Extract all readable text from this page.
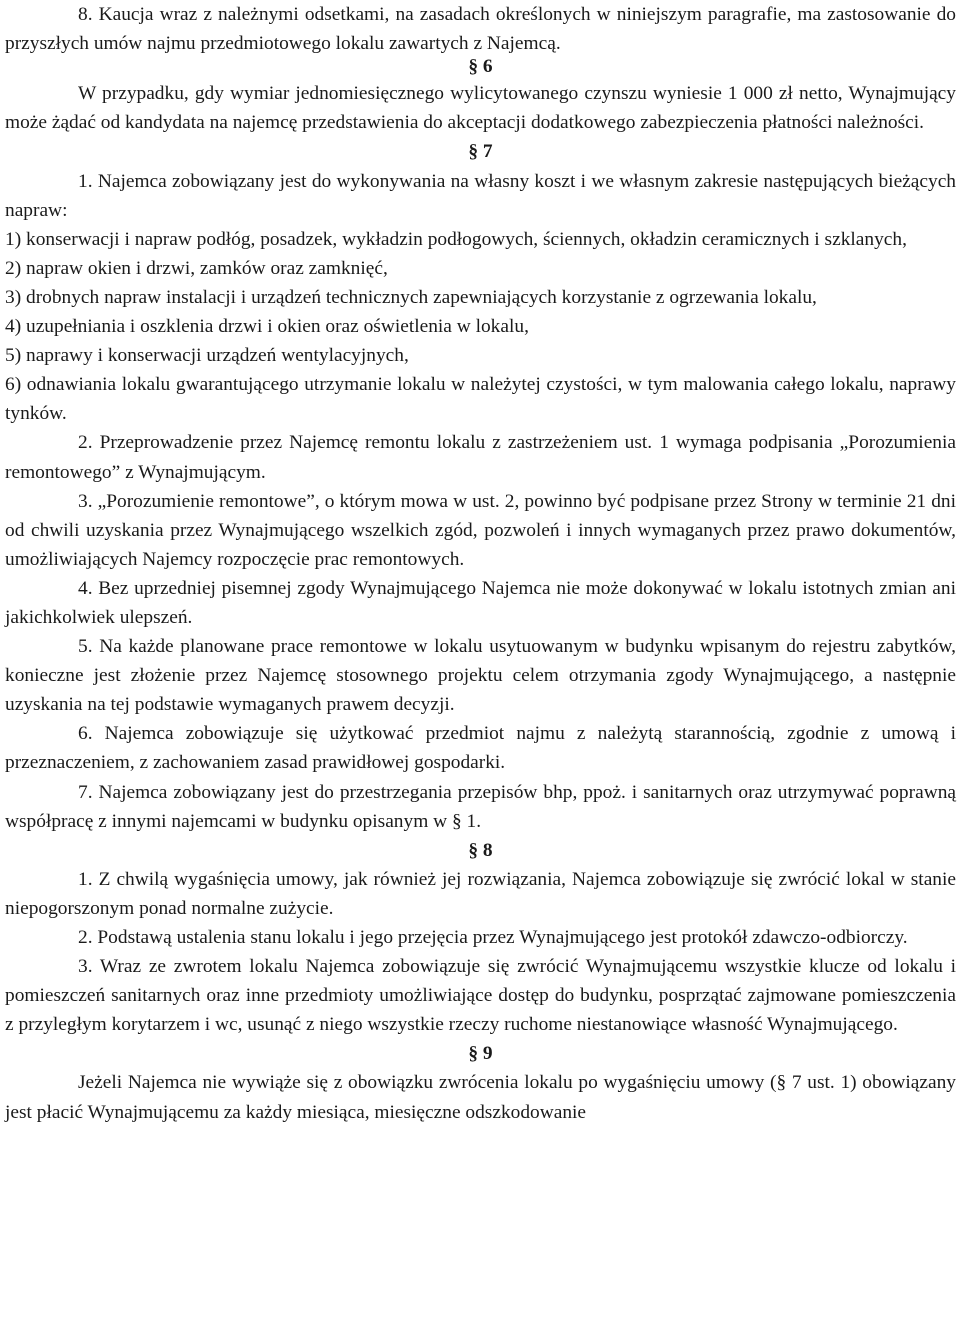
8. Kaucja wraz z należnymi odsetkami, na zasadach określonych w niniejszym paragrafie, ma zastosowanie do przyszłych umów najmu przedmiotowego lokalu zawartych z Najemcą.

§ 6

W przypadku, gdy wymiar jednomiesięcznego wylicytowanego czynszu wyniesie 1 000 zł netto, Wynajmujący może żądać od kandydata na najemcę przedstawienia do akceptacji dodatkowego zabezpieczenia płatności należności.

§ 7

1. Najemca zobowiązany jest do wykonywania na własny koszt i we własnym zakresie następujących bieżących napraw:

1) konserwacji i napraw podłóg, posadzek, wykładzin podłogowych, ściennych, okładzin ceramicznych i szklanych,

2) napraw okien i drzwi, zamków oraz zamknięć,

3) drobnych napraw instalacji i urządzeń technicznych zapewniających korzystanie z ogrzewania lokalu,

4) uzupełniania i oszklenia drzwi i okien oraz oświetlenia w lokalu,

5) naprawy i konserwacji urządzeń wentylacyjnych,

6) odnawiania lokalu gwarantującego utrzymanie lokalu w należytej czystości, w tym malowania całego lokalu, naprawy tynków.

2. Przeprowadzenie przez Najemcę remontu lokalu z zastrzeżeniem ust. 1 wymaga podpisania „Porozumienia remontowego” z Wynajmującym.

3. „Porozumienie remontowe”, o którym mowa w ust. 2, powinno być podpisane przez Strony w terminie 21 dni od chwili uzyskania przez Wynajmującego wszelkich zgód, pozwoleń i innych wymaganych przez prawo dokumentów, umożliwiających Najemcy rozpoczęcie prac remontowych.

4. Bez uprzedniej pisemnej zgody Wynajmującego Najemca nie może dokonywać w lokalu istotnych zmian ani jakichkolwiek ulepszeń.

5. Na każde planowane prace remontowe w lokalu usytuowanym w budynku wpisanym do rejestru zabytków, konieczne jest złożenie przez Najemcę stosownego projektu celem otrzymania zgody Wynajmującego, a następnie uzyskania na tej podstawie wymaganych prawem decyzji.

6. Najemca zobowiązuje się użytkować przedmiot najmu z należytą starannością, zgodnie z umową i przeznaczeniem, z zachowaniem zasad prawidłowej gospodarki.

7. Najemca zobowiązany jest do przestrzegania przepisów bhp, ppoż. i sanitarnych oraz utrzymywać poprawną współpracę z innymi najemcami w budynku opisanym w § 1.

§ 8

1. Z chwilą wygaśnięcia umowy, jak również jej rozwiązania, Najemca zobowiązuje się zwrócić lokal w stanie niepogorszonym ponad normalne zużycie.

2. Podstawą ustalenia stanu lokalu i jego przejęcia przez Wynajmującego jest protokół zdawczo-odbiorczy.

3. Wraz ze zwrotem lokalu Najemca zobowiązuje się zwrócić Wynajmującemu wszystkie klucze od lokalu i pomieszczeń sanitarnych oraz inne przedmioty umożliwiające dostęp do budynku, posprzątać zajmowane pomieszczenia z przyległym korytarzem i wc, usunąć z niego wszystkie rzeczy ruchome niestanowiące własność Wynajmującego.

§ 9

Jeżeli Najemca nie wywiąże się z obowiązku zwrócenia lokalu po wygaśnięciu umowy (§ 7 ust. 1) obowiązany jest płacić Wynajmującemu za każdy miesiąca, miesięczne odszkodowanie
